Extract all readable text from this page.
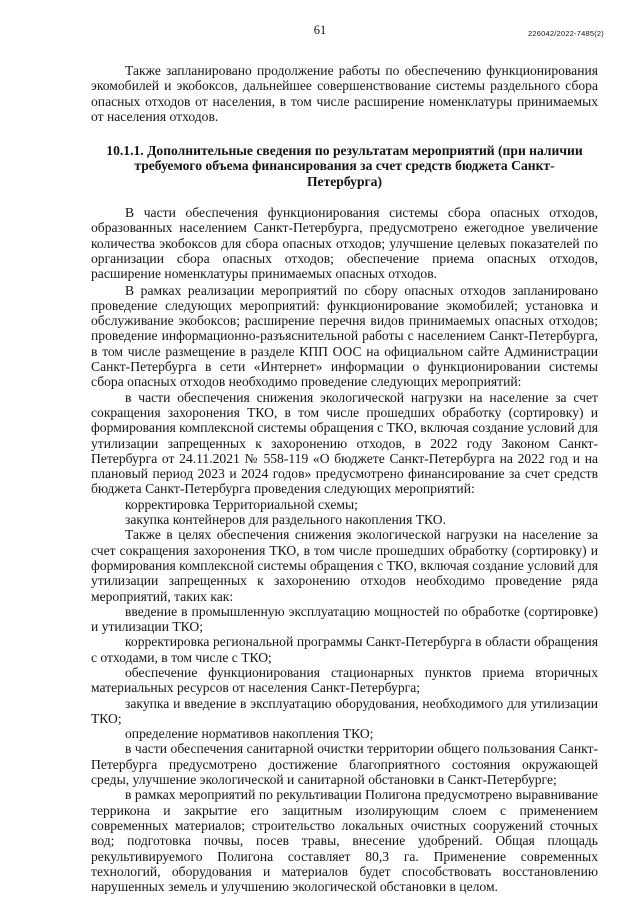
61	226042/2022-7485(2)

Также запланировано продолжение работы по обеспечению функционирования экомобилей и экобоксов, дальнейшее совершенствование системы раздельного сбора опасных отходов от населения, в том числе расширение номенклатуры принимаемых от населения отходов.

10.1.1. Дополнительные сведения по результатам мероприятий (при наличии требуемого объема финансирования за счет средств бюджета Санкт-Петербурга)

В части обеспечения функционирования системы сбора опасных отходов, образованных населением Санкт-Петербурга, предусмотрено ежегодное увеличение количества экобоксов для сбора опасных отходов; улучшение целевых показателей по организации сбора опасных отходов; обеспечение приема опасных отходов, расширение номенклатуры принимаемых опасных отходов.

В рамках реализации мероприятий по сбору опасных отходов запланировано проведение следующих мероприятий: функционирование экомобилей; установка и обслуживание экобоксов; расширение перечня видов принимаемых опасных отходов; проведение информационно-разъяснительной работы с населением Санкт-Петербурга, в том числе размещение в разделе КПП ООС на официальном сайте Администрации Санкт-Петербурга в сети «Интернет» информации о функционировании системы сбора опасных отходов необходимо проведение следующих мероприятий:

в части обеспечения снижения экологической нагрузки на население за счет сокращения захоронения ТКО, в том числе прошедших обработку (сортировку) и формирования комплексной системы обращения с ТКО, включая создание условий для утилизации запрещенных к захоронению отходов, в 2022 году Законом Санкт-Петербурга от 24.11.2021 № 558-119 «О бюджете Санкт-Петербурга на 2022 год и на плановый период 2023 и 2024 годов» предусмотрено финансирование за счет средств бюджета Санкт-Петербурга проведения следующих мероприятий:

корректировка Территориальной схемы;

закупка контейнеров для раздельного накопления ТКО.

Также в целях обеспечения снижения экологической нагрузки на население за счет сокращения захоронения ТКО, в том числе прошедших обработку (сортировку) и формирования комплексной системы обращения с ТКО, включая создание условий для утилизации запрещенных к захоронению отходов необходимо проведение ряда мероприятий, таких как:

введение в промышленную эксплуатацию мощностей по обработке (сортировке) и утилизации ТКО;

корректировка региональной программы Санкт-Петербурга в области обращения с отходами, в том числе с ТКО;

обеспечение функционирования стационарных пунктов приема вторичных материальных ресурсов от населения Санкт-Петербурга;

закупка и введение в эксплуатацию оборудования, необходимого для утилизации ТКО;

определение нормативов накопления ТКО;

в части обеспечения санитарной очистки территории общего пользования Санкт-Петербурга предусмотрено достижение благоприятного состояния окружающей среды, улучшение экологической и санитарной обстановки в Санкт-Петербурге;

в рамках мероприятий по рекультивации Полигона предусмотрено выравнивание террикона и закрытие его защитным изолирующим слоем с применением современных материалов; строительство локальных очистных сооружений сточных вод; подготовка почвы, посев травы, внесение удобрений. Общая площадь рекультивируемого Полигона составляет 80,3 га. Применение современных технологий, оборудования и материалов будет способствовать восстановлению нарушенных земель и улучшению экологической обстановки в целом.
